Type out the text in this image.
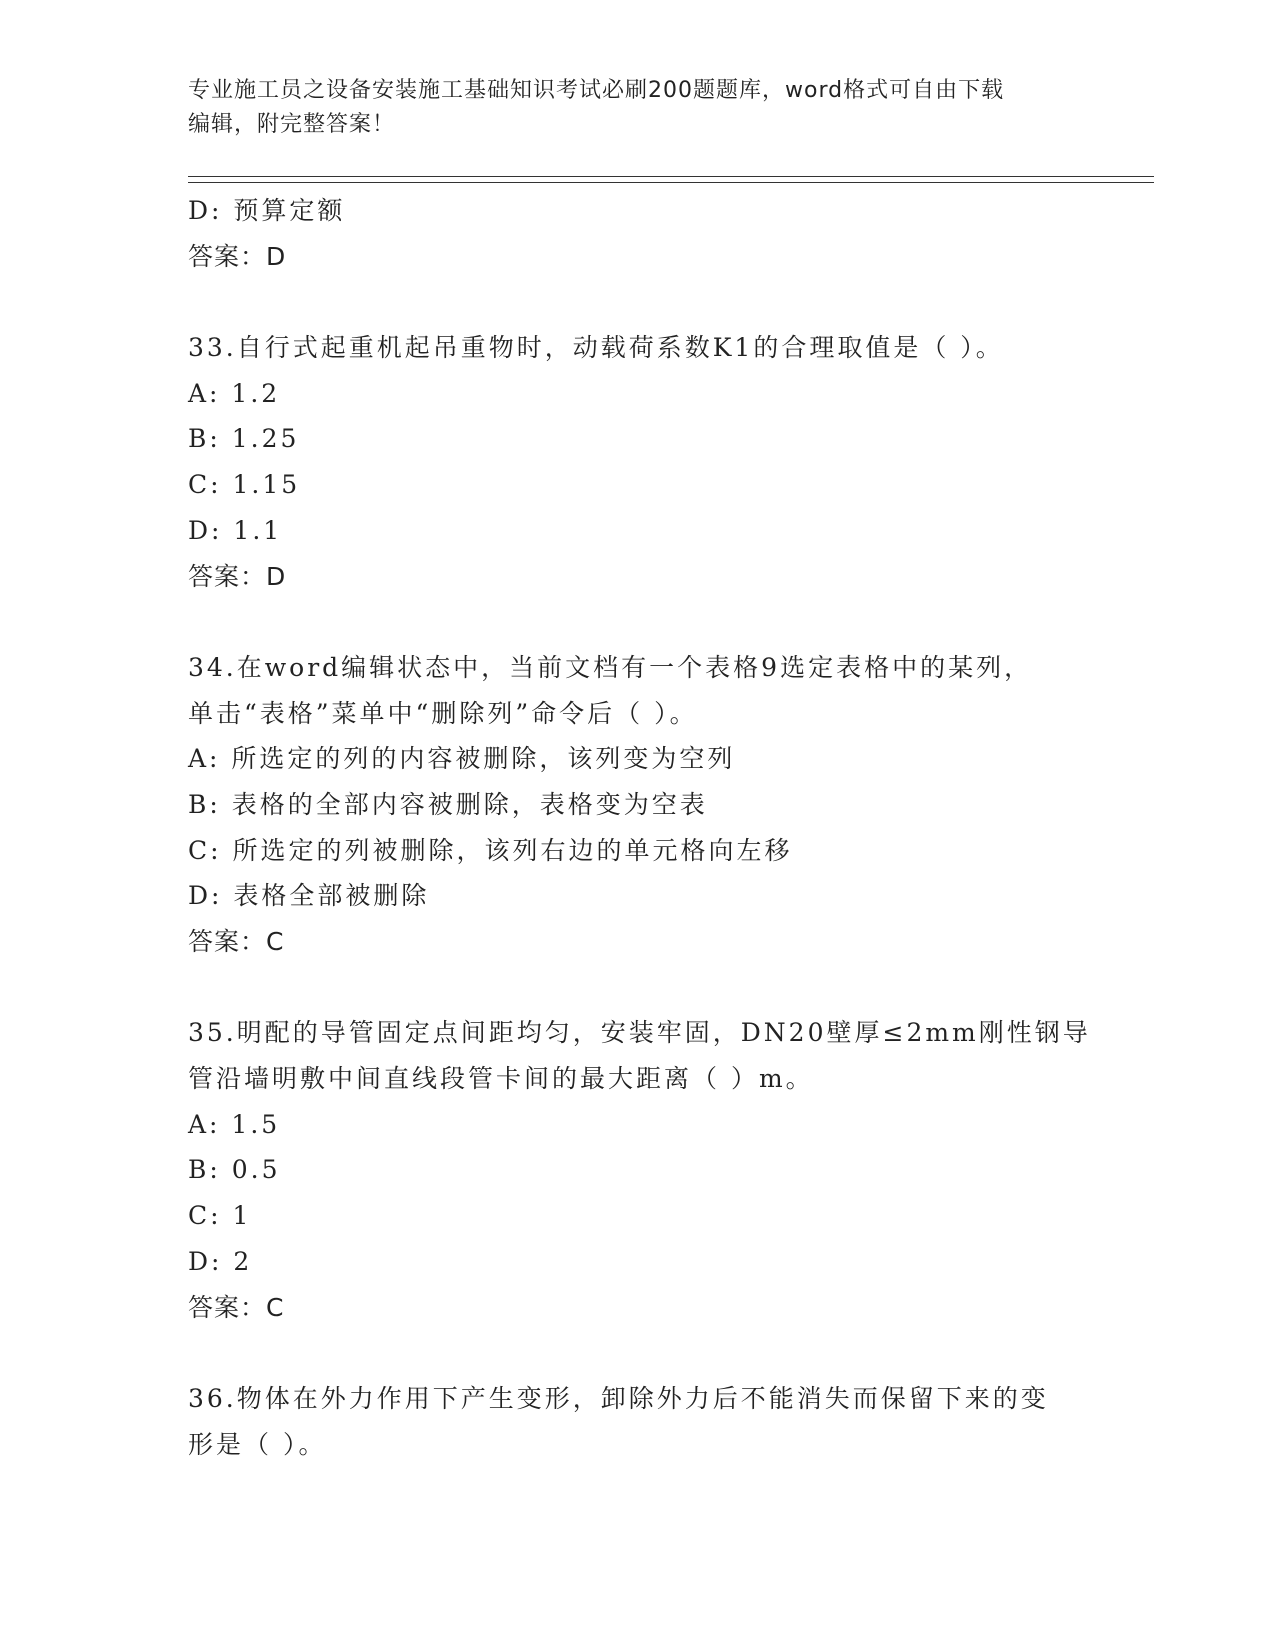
专业施工员之设备安装施工基础知识考试必刷200题题库，word格式可自由下载
编辑，附完整答案！
D: 预算定额
答案：D
33.自行式起重机起吊重物时，动载荷系数K1的合理取值是（ ）。
A: 1.2
B: 1.25
C: 1.15
D: 1.1
答案：D
34.在word编辑状态中，当前文档有一个表格9选定表格中的某列，
单击“表格”菜单中“删除列”命令后（ ）。
A: 所选定的列的内容被删除，该列变为空列
B: 表格的全部内容被删除，表格变为空表
C: 所选定的列被删除，该列右边的单元格向左移
D: 表格全部被删除
答案：C
35.明配的导管固定点间距均匀，安装牢固，DN20壁厚≤2mm刚性钢导
管沿墙明敷中间直线段管卡间的最大距离（ ）m。
A: 1.5
B: 0.5
C: 1
D: 2
答案：C
36.物体在外力作用下产生变形，卸除外力后不能消失而保留下来的变
形是（ ）。
